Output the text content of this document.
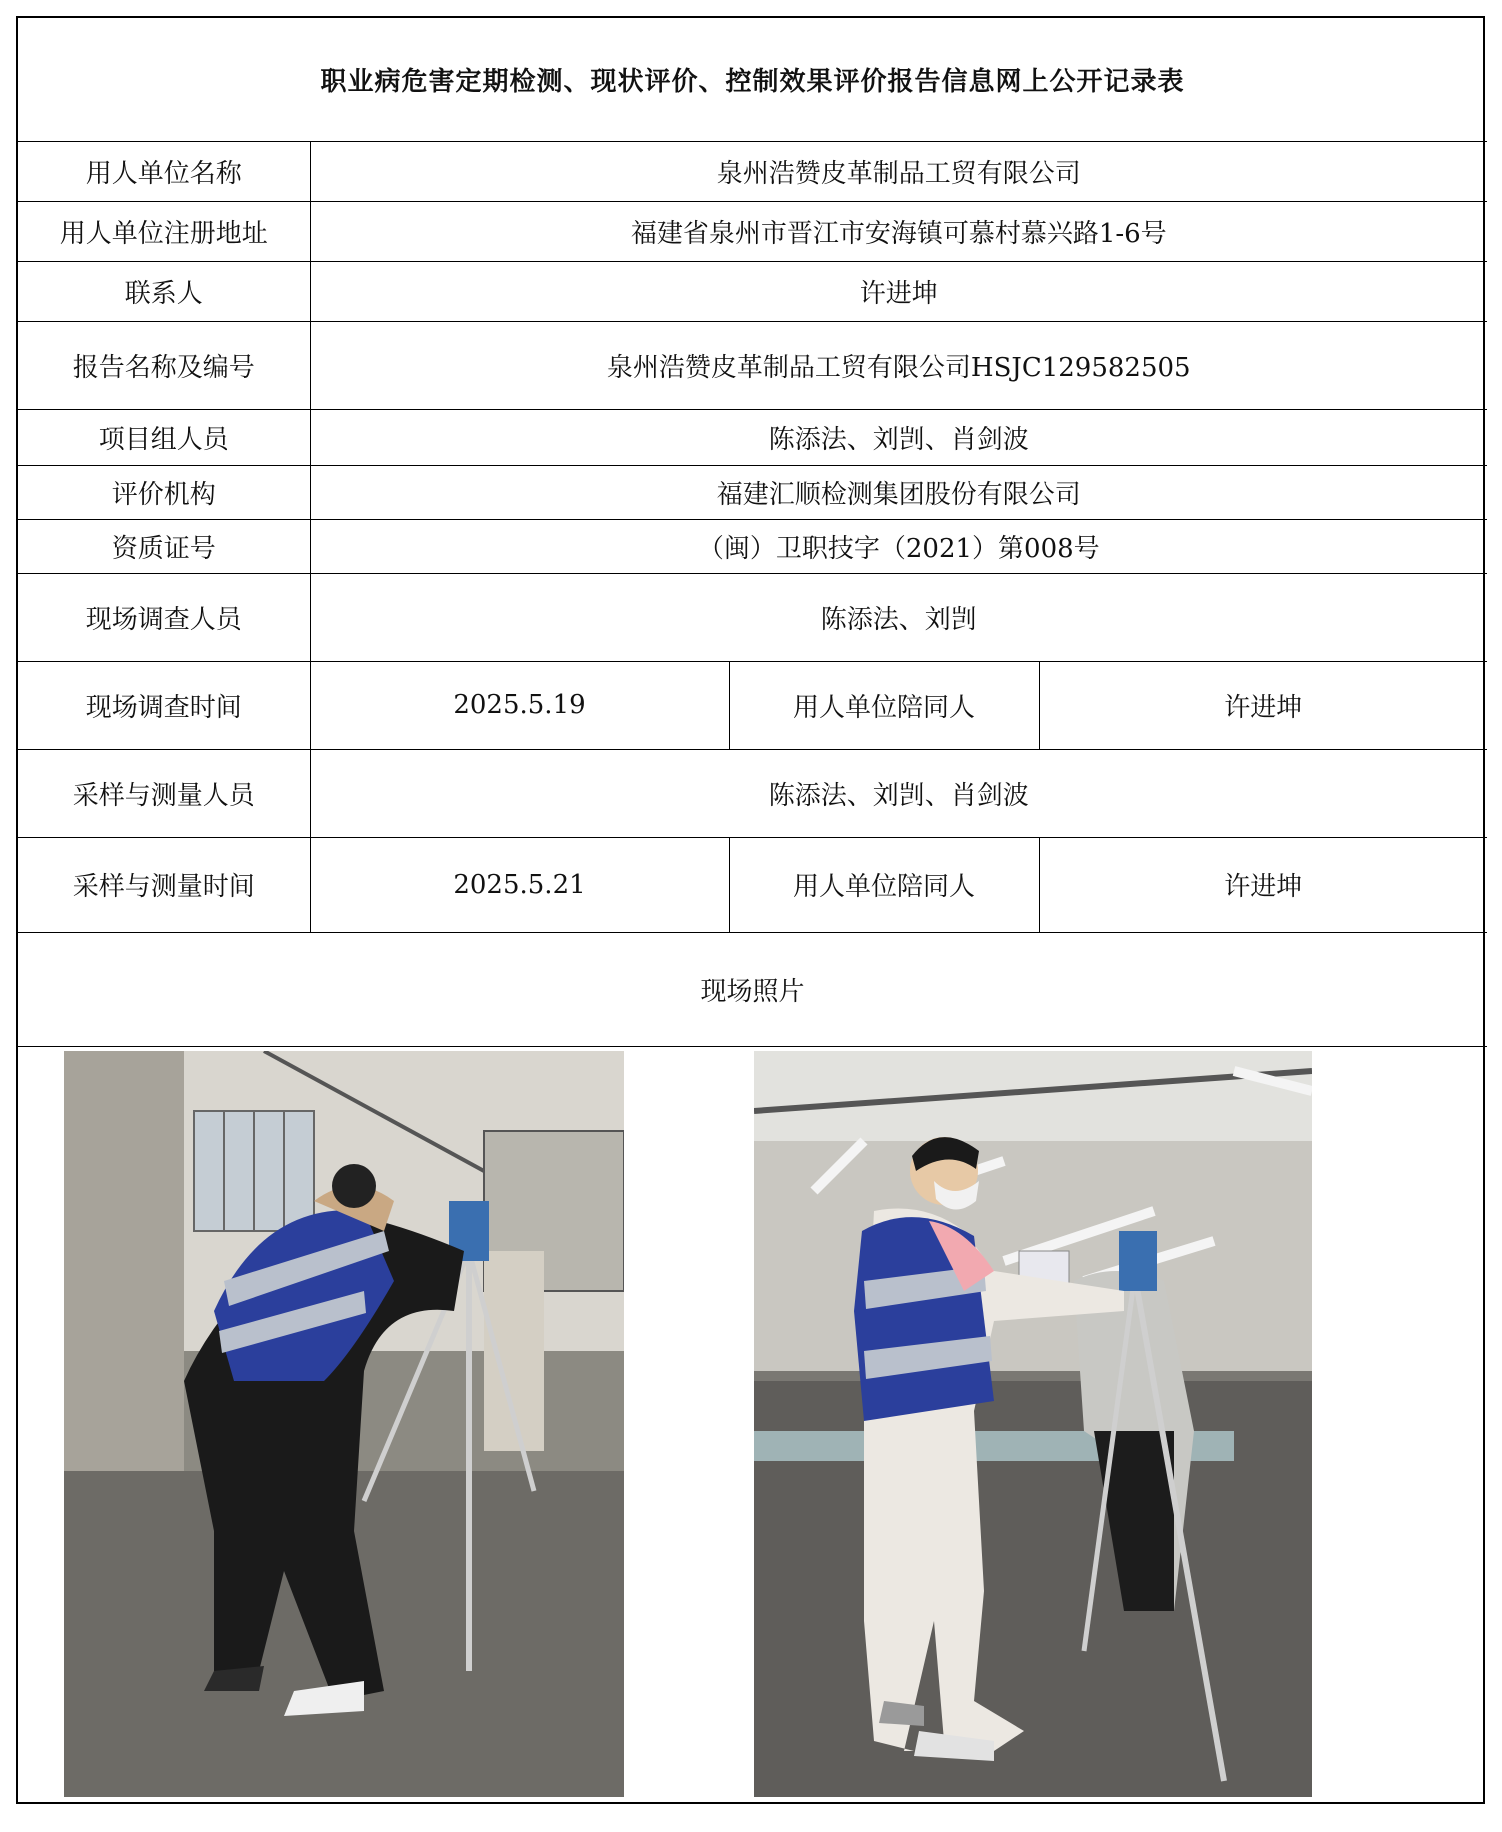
职业病危害定期检测、现状评价、控制效果评价报告信息网上公开记录表			
用人单位名称	泉州浩赞皮革制品工贸有限公司		
用人单位注册地址	福建省泉州市晋江市安海镇可慕村慕兴路1-6号		
联系人	许进坤		
报告名称及编号	泉州浩赞皮革制品工贸有限公司HSJC129582505		
项目组人员	陈添法、刘剀、肖剑波		
评价机构	福建汇顺检测集团股份有限公司		
资质证号	（闽）卫职技字（2021）第008号		
现场调查人员	陈添法、刘剀		
现场调查时间	2025.5.19	用人单位陪同人	许进坤
采样与测量人员	陈添法、刘剀、肖剑波		
采样与测量时间	2025.5.21	用人单位陪同人	许进坤
现场照片			
